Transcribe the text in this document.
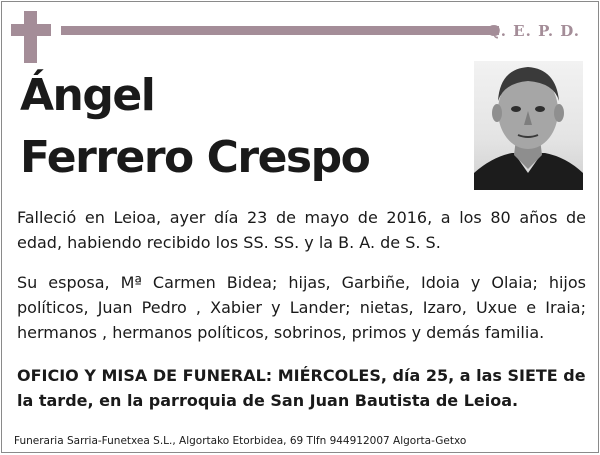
Q. E. P. D.
Ángel
Ferrero Crespo
Falleció en Leioa, ayer día 23 de mayo de 2016, a los 80 años de edad, habiendo recibido los SS. SS. y la B. A. de S. S.
Su esposa, Mª Carmen Bidea; hijas, Garbiñe, Idoia y Olaia; hijos políticos, Juan Pedro , Xabier y Lander; nietas, Izaro, Uxue e Iraia; hermanos , hermanos políticos, sobrinos, primos y demás familia.
OFICIO Y MISA DE FUNERAL: MIÉRCOLES, día 25, a las SIETE de la tarde, en la parroquia de San Juan Bautista de Leioa.
Funeraria Sarria-Funetxea S.L., Algortako Etorbidea, 69 Tlfn 944912007 Algorta-Getxo
